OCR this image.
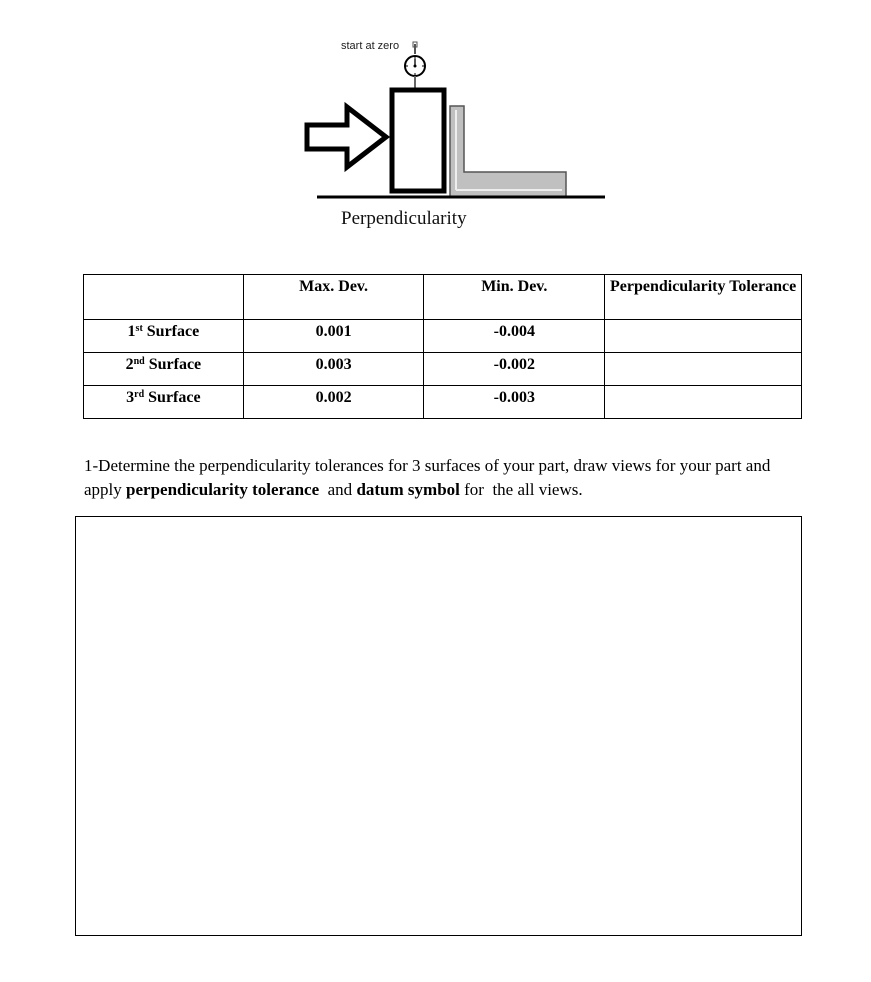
start at zero
Perpendicularity
	Max. Dev.	Min. Dev.	Perpendicularity Tolerance
1st Surface	0.001	-0.004	
2nd Surface	0.003	-0.002	
3rd Surface	0.002	-0.003	
1-Determine the perpendicularity tolerances for 3 surfaces of your part, draw views for your part and apply perpendicularity tolerance  and datum symbol for  the all views.
